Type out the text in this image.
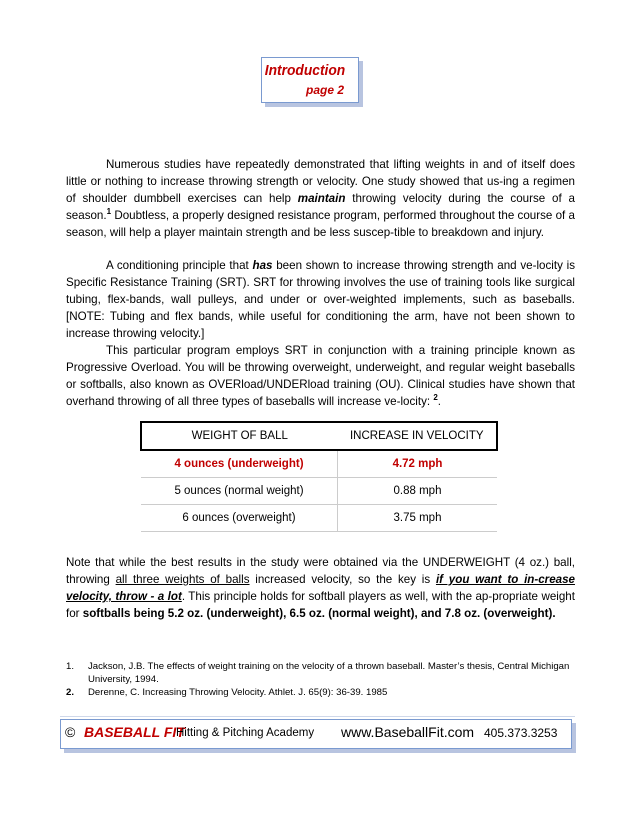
Introduction
page 2
Numerous studies have repeatedly demonstrated that lifting weights in and of itself does little or nothing to increase throwing strength or velocity. One study showed that us-ing a regimen of shoulder dumbbell exercises can help maintain throwing velocity during the course of a season.$^1$ Doubtless, a properly designed resistance program, performed throughout the course of a season, will help a player maintain strength and be less suscep-tible to breakdown and injury.
A conditioning principle that has been shown to increase throwing strength and ve-locity is Specific Resistance Training (SRT). SRT for throwing involves the use of training tools like surgical tubing, flex-bands, wall pulleys, and under or over-weighted implements, such as baseballs. [NOTE: Tubing and flex bands, while useful for conditioning the arm, have not been shown to increase throwing velocity.]
This particular program employs SRT in conjunction with a training principle known as Progressive Overload. You will be throwing overweight, underweight, and regular weight baseballs or softballs, also known as OVERload/UNDERload training (OU). Clinical studies have shown that overhand throwing of all three types of baseballs will increase ve-locity: $^2$.
WEIGHT OF BALL	INCREASE IN VELOCITY
4 ounces (underweight)	4.72 mph
5 ounces (normal weight)	0.88 mph
6 ounces (overweight)	3.75 mph
Note that while the best results in the study were obtained via the UNDERWEIGHT (4 oz.) ball, throwing all three weights of balls increased velocity, so the key is if you want to in-crease velocity, throw - a lot. This principle holds for softball players as well, with the ap-propriate weight for softballs being 5.2 oz. (underweight), 6.5 oz. (normal weight), and 7.8 oz. (overweight).
1. Jackson, J.B. The effects of weight training on the velocity of a thrown baseball. Master’s thesis, Central Michigan University, 1994.
2. Derenne, C. Increasing Throwing Velocity. Athlet. J. 65(9): 36-39. 1985
© BASEBALL FIT
Hitting & Pitching Academy www.BaseballFit.com 405.373.3253
